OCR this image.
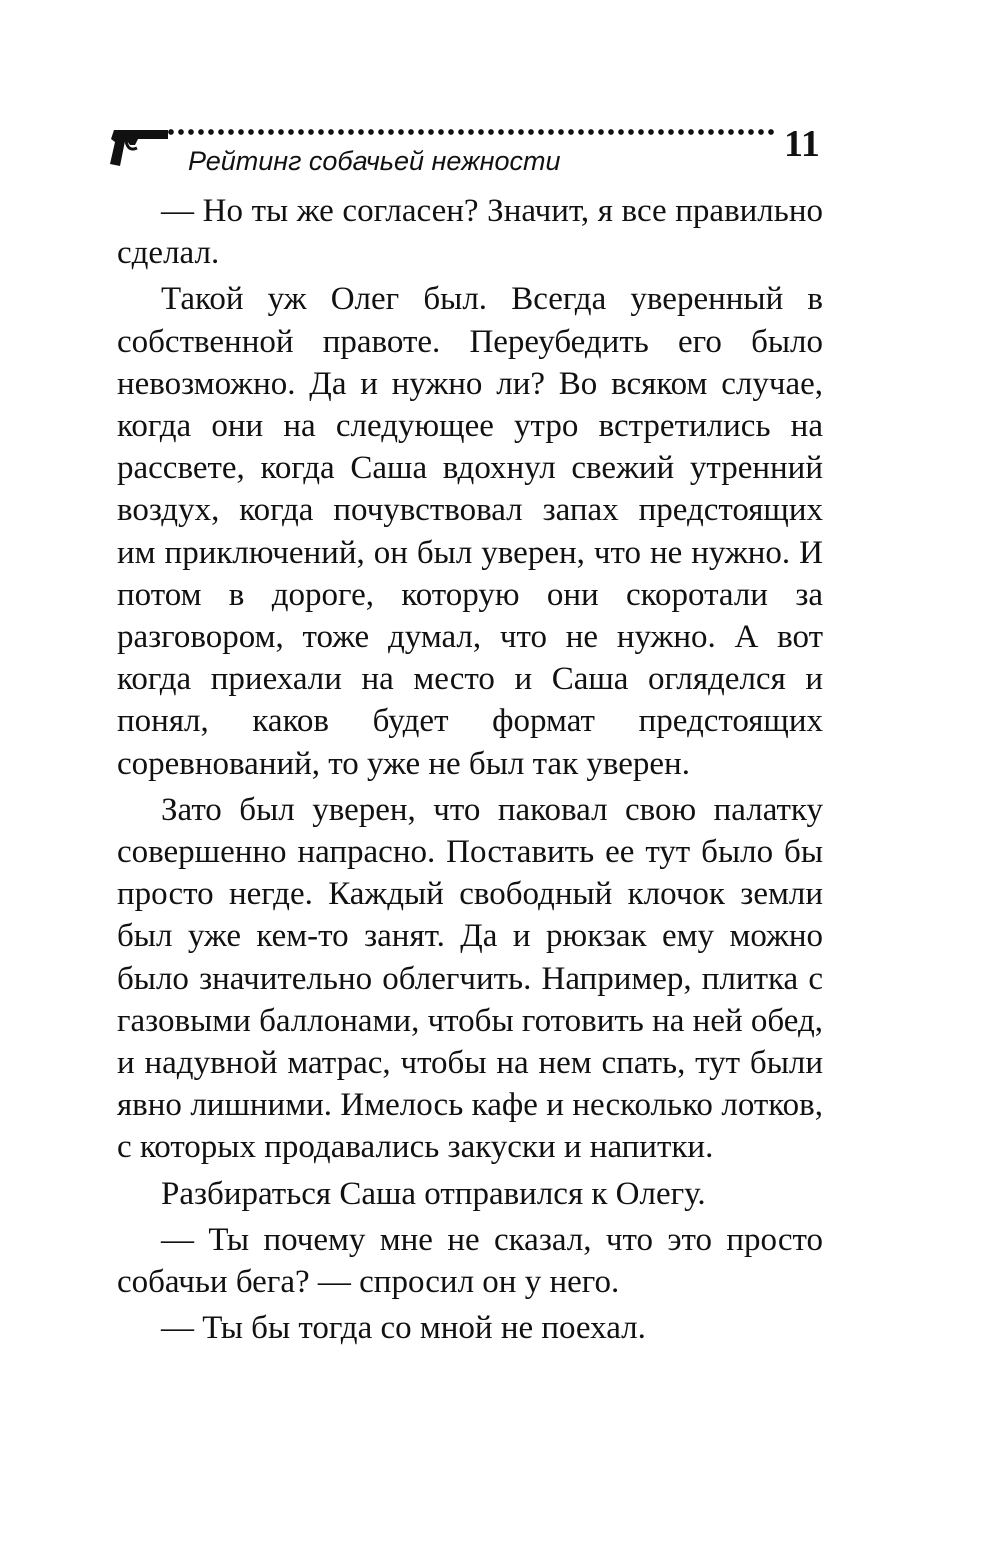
Рейтинг собачьей нежности	11

— Но ты же согласен? Значит, я все правильно сделал.

Такой уж Олег был. Всегда уверенный в собственной правоте. Переубедить его было невозможно. Да и нужно ли? Во всяком случае, когда они на следующее утро встретились на рассвете, когда Саша вдохнул свежий утренний воздух, когда почувствовал запах предстоящих им приключений, он был уверен, что не нужно. И потом в дороге, которую они скоротали за разговором, тоже думал, что не нужно. А вот когда приехали на место и Саша огляделся и понял, каков будет формат предстоящих соревнований, то уже не был так уверен.

Зато был уверен, что паковал свою палатку совершенно напрасно. Поставить ее тут было бы просто негде. Каждый свободный клочок земли был уже кем-то занят. Да и рюкзак ему можно было значительно облегчить. Например, плитка с газовыми баллонами, чтобы готовить на ней обед, и надувной матрас, чтобы на нем спать, тут были явно лишними. Имелось кафе и несколько лотков, с которых продавались закуски и напитки.

Разбираться Саша отправился к Олегу.

— Ты почему мне не сказал, что это просто собачьи бега? — спросил он у него.

— Ты бы тогда со мной не поехал.
